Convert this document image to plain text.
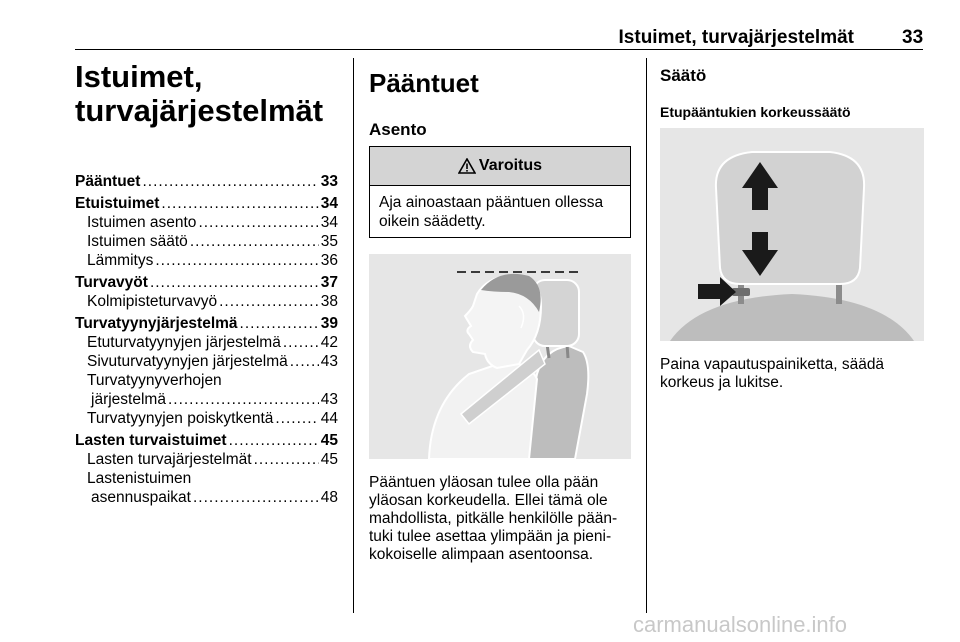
Istuimet, turvajärjestelmät	33
Istuimet,
turvajärjestelmät
Pääntuet .....	33
Etuistuimet .....	34
Istuimen asento .....	34
Istuimen säätö .....	35
Lämmitys .....	36
Turvavyöt .....	37
Kolmipisteturvavyö .....	38
Turvatyynyjärjestelmä .....	39
Etuturvatyynyjen järjestelmä .....	42
Sivuturvatyynyjen järjestelmä ..... 43
Turvatyynyverhojen
järjestelmä .....	43
Turvatyynyjen poiskytkentä .....	44
Lasten turvaistuimet .....	45
Lasten turvajärjestelmät .....	45
Lastenistuimen
asennuspaikat .....	48
Pääntuet
Asento
Varoitus
Aja ainoastaan pääntuen ollessa
oikein säädetty.
Pääntuen yläosan tulee olla pään
yläosan korkeudella. Ellei tämä ole
mahdollista, pitkälle henkilölle pään-
tuki tulee asettaa ylimpään ja pieni-
kokoiselle alimpaan asentoonsa.
Säätö
Etupääntukien korkeussäätö
Paina vapautuspainiketta, säädä
korkeus ja lukitse.
carmanualsonline.info
